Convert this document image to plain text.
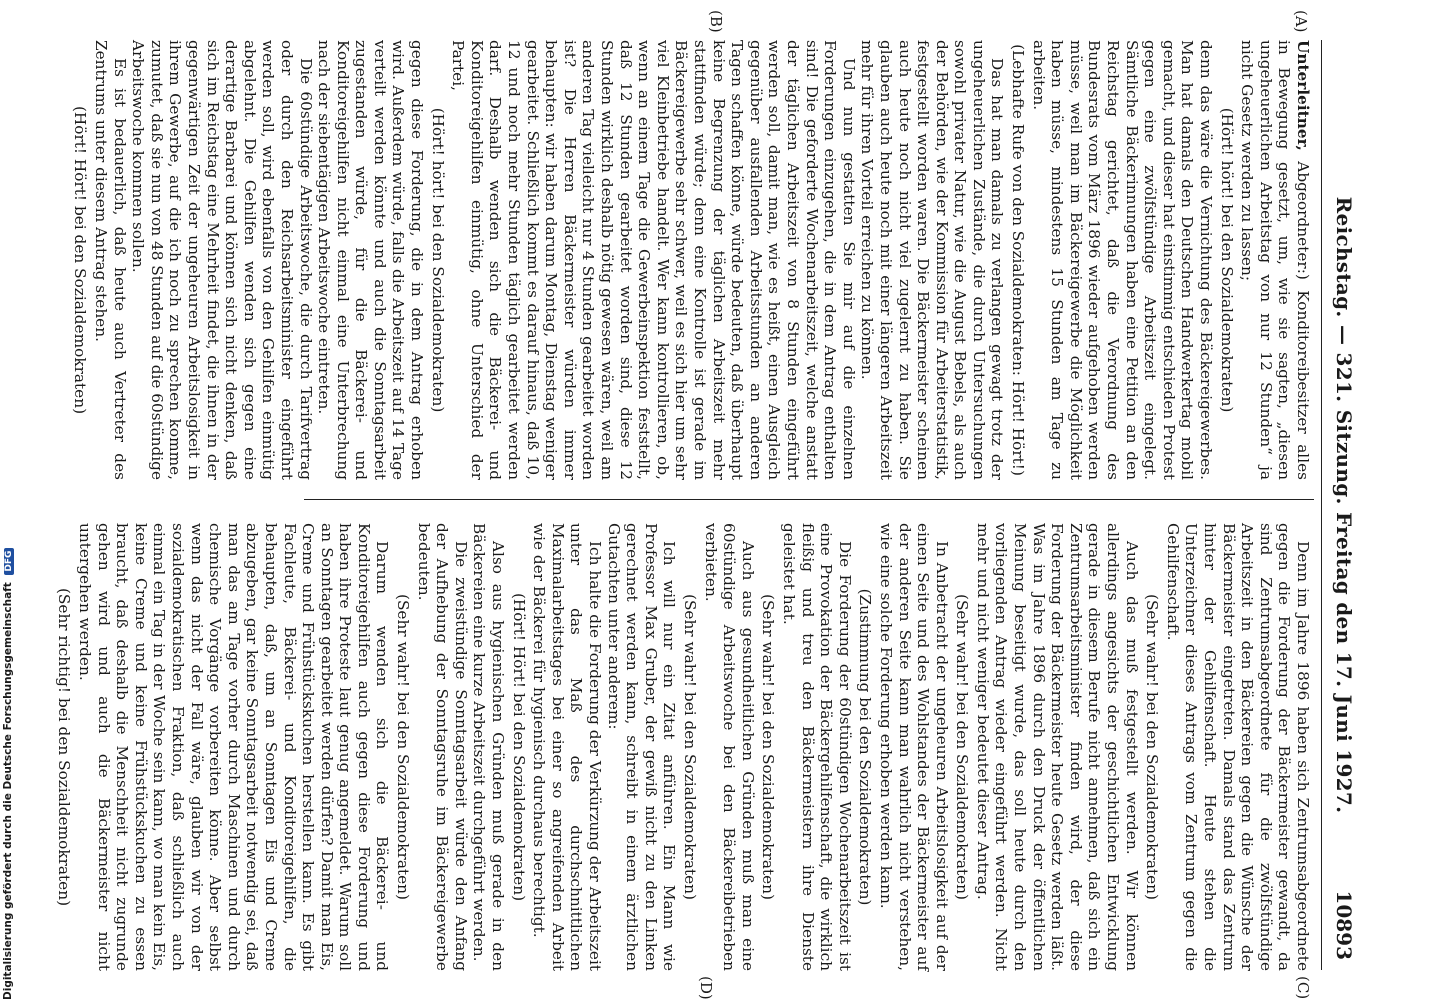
Reichstag. — 321. Sitzung. Freitag den 17. Juni 1927.
10893
(A)
(B)
(C)
(D)

Unterleitner, Abgeordneter:) Konditoreibesitzer alles in Bewegung gesetzt, um, wie sie sagten, „diesen ungeheuerlichen Arbeitstag von nur 12 Stunden“ ja nicht Gesetz werden zu lassen;

(Hört! hört! bei den Sozialdemokraten)

denn das wäre die Vernichtung des Bäckereigewerbes. Man hat damals den Deutschen Handwerkertag mobil gemacht, und dieser hat einstimmig entschieden Protest gegen eine zwölfstündige Arbeitszeit eingelegt. Sämtliche Bäckerinnungen haben eine Petition an den Reichstag gerichtet, daß die Verordnung des Bundesrats vom März 1896 wieder aufgehoben werden müsse, weil man im Bäckereigewerbe die Möglichkeit haben müsse, mindestens 15 Stunden am Tage zu arbeiten.

(Lebhafte Rufe von den Sozialdemokraten: Hört! Hört!)

Das hat man damals zu verlangen gewagt trotz der ungeheuerlichen Zustände, die durch Untersuchungen sowohl privater Natur, wie die August Bebels, als auch der Behörden, wie der Kommission für Arbeiterstatistik, festgestellt worden waren. Die Bäckermeister scheinen auch heute noch nicht viel zugelernt zu haben. Sie glauben auch heute noch mit einer längeren Arbeitszeit mehr für ihren Vorteil erreichen zu können.

Und nun gestatten Sie mir auf die einzelnen Forderungen einzugehen, die in dem Antrag enthalten sind! Die geforderte Wochenarbeitszeit, welche anstatt der täglichen Arbeitszeit von 8 Stunden eingeführt werden soll, damit man, wie es heißt, einen Ausgleich gegenüber ausfallenden Arbeitsstunden an anderen Tagen schaffen könne, würde bedeuten, daß überhaupt keine Begrenzung der täglichen Arbeitszeit mehr stattfinden würde; denn eine Kontrolle ist gerade im Bäckereigewerbe sehr schwer, weil es sich hier um sehr viel Kleinbetriebe handelt. Wer kann kontrollieren, ob, wenn an einem Tage die Gewerbeinspektion feststellt, daß 12 Stunden gearbeitet worden sind, diese 12 Stunden wirklich deshalb nötig gewesen wären, weil am anderen Tag vielleicht nur 4 Stunden gearbeitet worden ist? Die Herren Bäckermeister würden immer behaupten: wir haben darum Montag, Dienstag weniger gearbeitet. Schließlich kommt es darauf hinaus, daß 10, 12 und noch mehr Stunden täglich gearbeitet werden darf. Deshalb wenden sich die Bäckerei- und Konditoreigehilfen einmütig, ohne Unterschied der Partei,

(Hört! hört! bei den Sozialdemokraten)

gegen diese Forderung, die in dem Antrag erhoben wird. Außerdem würde, falls die Arbeitszeit auf 14 Tage verteilt werden könnte und auch die Sonntagsarbeit zugestanden würde, für die Bäckerei- und Konditoreigehilfen nicht einmal eine Unterbrechung nach der siebentägigen Arbeitswoche eintreten.

Die 60stündige Arbeitswoche, die durch Tarifvertrag oder durch den Reichsarbeitsminister eingeführt werden soll, wird ebenfalls von den Gehilfen einmütig abgelehnt. Die Gehilfen wenden sich gegen eine derartige Barbarei und können sich nicht denken, daß sich im Reichstag eine Mehrheit findet, die ihnen in der gegenwärtigen Zeit der ungeheuren Arbeitslosigkeit in ihrem Gewerbe, auf die ich noch zu sprechen komme, zumutet, daß sie nun von 48 Stunden auf die 60stündige Arbeitswoche kommen sollen.

Es ist bedauerlich, daß heute auch Vertreter des Zentrums unter diesem Antrag stehen.

(Hört! Hört! bei den Sozialdemokraten)

Denn im Jahre 1896 haben sich Zentrumsabgeordnete gegen die Forderung der Bäckermeister gewandt, da sind Zentrumsabgeordnete für die zwölfstündige Arbeitszeit in den Bäckereien gegen die Wünsche der Bäckermeister eingetreten. Damals stand das Zentrum hinter der Gehilfenschaft. Heute stehen die Unterzeichner dieses Antrags vom Zentrum gegen die Gehilfenschaft.

(Sehr wahr! bei den Sozialdemokraten)

Auch das muß festgestellt werden. Wir können allerdings angesichts der geschichtlichen Entwicklung gerade in diesem Berufe nicht annehmen, daß sich ein Zentrumsarbeitsminister finden wird, der diese Forderung der Bäckermeister heute Gesetz werden läßt. Was im Jahre 1896 durch den Druck der öffentlichen Meinung beseitigt wurde, das soll heute durch den vorliegenden Antrag wieder eingeführt werden. Nicht mehr und nicht weniger bedeutet dieser Antrag.

(Sehr wahr! bei den Sozialdemokraten)

In Anbetracht der ungeheuren Arbeitslosigkeit auf der einen Seite und des Wohlstandes der Bäckermeister auf der anderen Seite kann man wahrlich nicht verstehen, wie eine solche Forderung erhoben werden kann.

(Zustimmung bei den Sozialdemokraten)

Die Forderung der 60stündigen Wochenarbeitszeit ist eine Provokation der Bäckergehilfenschaft, die wirklich fleißig und treu den Bäckermeistern ihre Dienste geleistet hat.

(Sehr wahr! bei den Sozialdemokraten)

Auch aus gesundheitlichen Gründen muß man eine 60stündige Arbeitswoche bei den Bäckereibetrieben verbieten.

(Sehr wahr! bei den Sozialdemokraten)

Ich will nur ein Zitat anführen. Ein Mann wie Professor Max Gruber, der gewiß nicht zu den Linken gerechnet werden kann, schreibt in einem ärztlichen Gutachten unter anderem:

Ich halte die Forderung der Verkürzung der Arbeitszeit unter das Maß des durchschnittlichen Maximalarbeitstages bei einer so angreifenden Arbeit wie der Bäckerei für hygienisch durchaus berechtigt.

(Hört! Hört! bei den Sozialdemokraten)

Also aus hygienischen Gründen muß gerade in den Bäckereien eine kurze Arbeitszeit durchgeführt werden.

Die zweistündige Sonntagsarbeit würde den Anfang der Aufhebung der Sonntagsruhe im Bäckereigewerbe bedeuten.

(Sehr wahr! bei den Sozialdemokraten)

Darum wenden sich die Bäckerei- und Konditoreigehilfen auch gegen diese Forderung und haben ihre Proteste laut genug angemeldet. Warum soll an Sonntagen gearbeitet werden dürfen? Damit man Eis, Creme und Frühstückskuchen herstellen kann. Es gibt Fachleute, Bäckerei- und Konditoreigehilfen, die behaupten, daß, um an Sonntagen Eis und Creme abzugeben, gar keine Sonntagsarbeit notwendig sei, daß man das am Tage vorher durch Maschinen und durch chemische Vorgänge vorbereiten könne. Aber selbst wenn das nicht der Fall wäre, glauben wir von der sozialdemokratischen Fraktion, daß schließlich auch einmal ein Tag in der Woche sein kann, wo man kein Eis, keine Creme und keine Frühstückskuchen zu essen braucht, daß deshalb die Menschheit nicht zugrunde gehen wird und auch die Bäckermeister nicht untergehen werden.

(Sehr richtig! bei den Sozialdemokraten)

Digitalisierung gefördert durch die Deutsche Forschungsgemeinschaft DFG
